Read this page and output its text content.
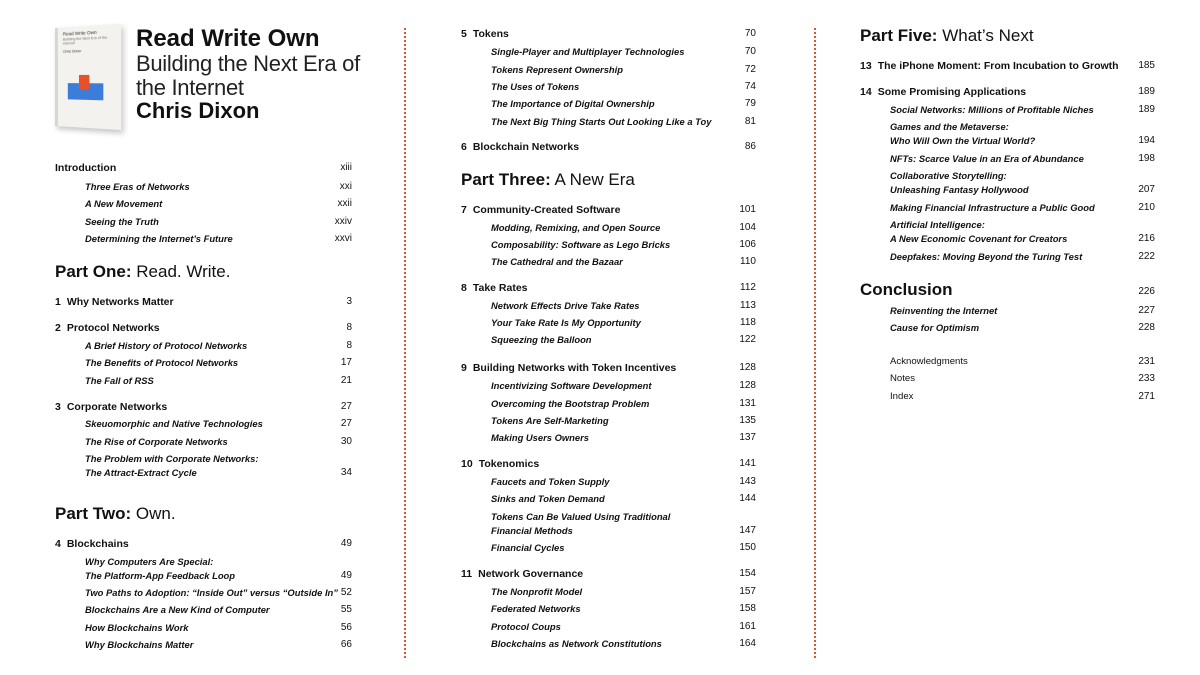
Read Write Own
Building the Next Era of the Internet
Chris Dixon Read Write Own
Building the Next Era of the Internet
Chris Dixon
Introduction	xiii
Three Eras of Networks	xxi
A New Movement	xxii
Seeing the Truth	xxiv
Determining the Internet’s Future	xxvi
Part One: Read. Write.
1 Why Networks Matter	3
2 Protocol Networks	8
A Brief History of Protocol Networks	8
The Benefits of Protocol Networks	17
The Fall of RSS	21
3 Corporate Networks	27
Skeuomorphic and Native Technologies	27
The Rise of Corporate Networks	30
The Problem with Corporate Networks:
The Attract-Extract Cycle	34
Part Two: Own.
4 Blockchains	49
Why Computers Are Special:
The Platform-App Feedback Loop	49
Two Paths to Adoption: “Inside Out” versus “Outside In” 52
Blockchains Are a New Kind of Computer	55
How Blockchains Work	56
Why Blockchains Matter	66
5 Tokens	70
Single-Player and Multiplayer Technologies	70
Tokens Represent Ownership	72
The Uses of Tokens	74
The Importance of Digital Ownership	79
The Next Big Thing Starts Out Looking Like a Toy	81
6 Blockchain Networks	86
Part Three: A New Era
7 Community-Created Software	101
Modding, Remixing, and Open Source	104
Composability: Software as Lego Bricks	106
The Cathedral and the Bazaar	110
8 Take Rates	112
Network Effects Drive Take Rates	113
Your Take Rate Is My Opportunity	118
Squeezing the Balloon	122
9 Building Networks with Token Incentives	128
Incentivizing Software Development	128
Overcoming the Bootstrap Problem	131
Tokens Are Self-Marketing	135
Making Users Owners	137
10 Tokenomics	141
Faucets and Token Supply	143
Sinks and Token Demand	144
Tokens Can Be Valued Using Traditional
Financial Methods	147
Financial Cycles	150
11 Network Governance	154
The Nonprofit Model	157
Federated Networks	158
Protocol Coups	161
Blockchains as Network Constitutions	164
Part Five: What’s Next
13 The iPhone Moment: From Incubation to Growth 185
14 Some Promising Applications	189
Social Networks: Millions of Profitable Niches	189
Games and the Metaverse:
Who Will Own the Virtual World?	194
NFTs: Scarce Value in an Era of Abundance	198
Collaborative Storytelling:
Unleashing Fantasy Hollywood	207
Making Financial Infrastructure a Public Good	210
Artificial Intelligence:
A New Economic Covenant for Creators	216
Deepfakes: Moving Beyond the Turing Test	222
Conclusion	226
Reinventing the Internet	227
Cause for Optimism	228
Acknowledgments	231
Notes	233
Index	271
